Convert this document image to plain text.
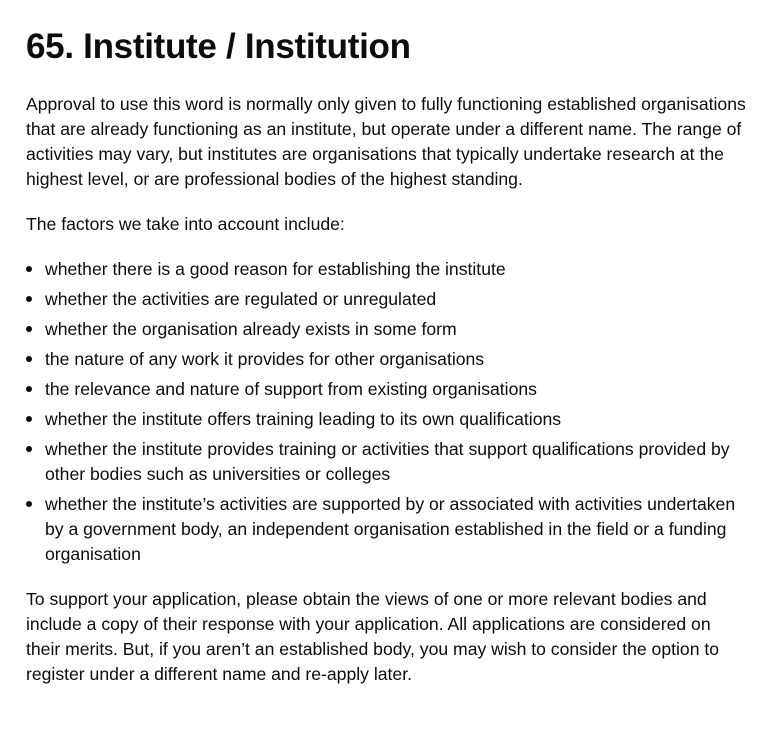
65. Institute / Institution

Approval to use this word is normally only given to fully functioning established organisations that are already functioning as an institute, but operate under a different name. The range of activities may vary, but institutes are organisations that typically undertake research at the highest level, or are professional bodies of the highest standing.

The factors we take into account include:

whether there is a good reason for establishing the institute
whether the activities are regulated or unregulated
whether the organisation already exists in some form
the nature of any work it provides for other organisations
the relevance and nature of support from existing organisations
whether the institute offers training leading to its own qualifications
whether the institute provides training or activities that support qualifications provided by other bodies such as universities or colleges
whether the institute’s activities are supported by or associated with activities undertaken by a government body, an independent organisation established in the field or a funding organisation

To support your application, please obtain the views of one or more relevant bodies and include a copy of their response with your application. All applications are considered on their merits. But, if you aren’t an established body, you may wish to consider the option to register under a different name and re-apply later.
